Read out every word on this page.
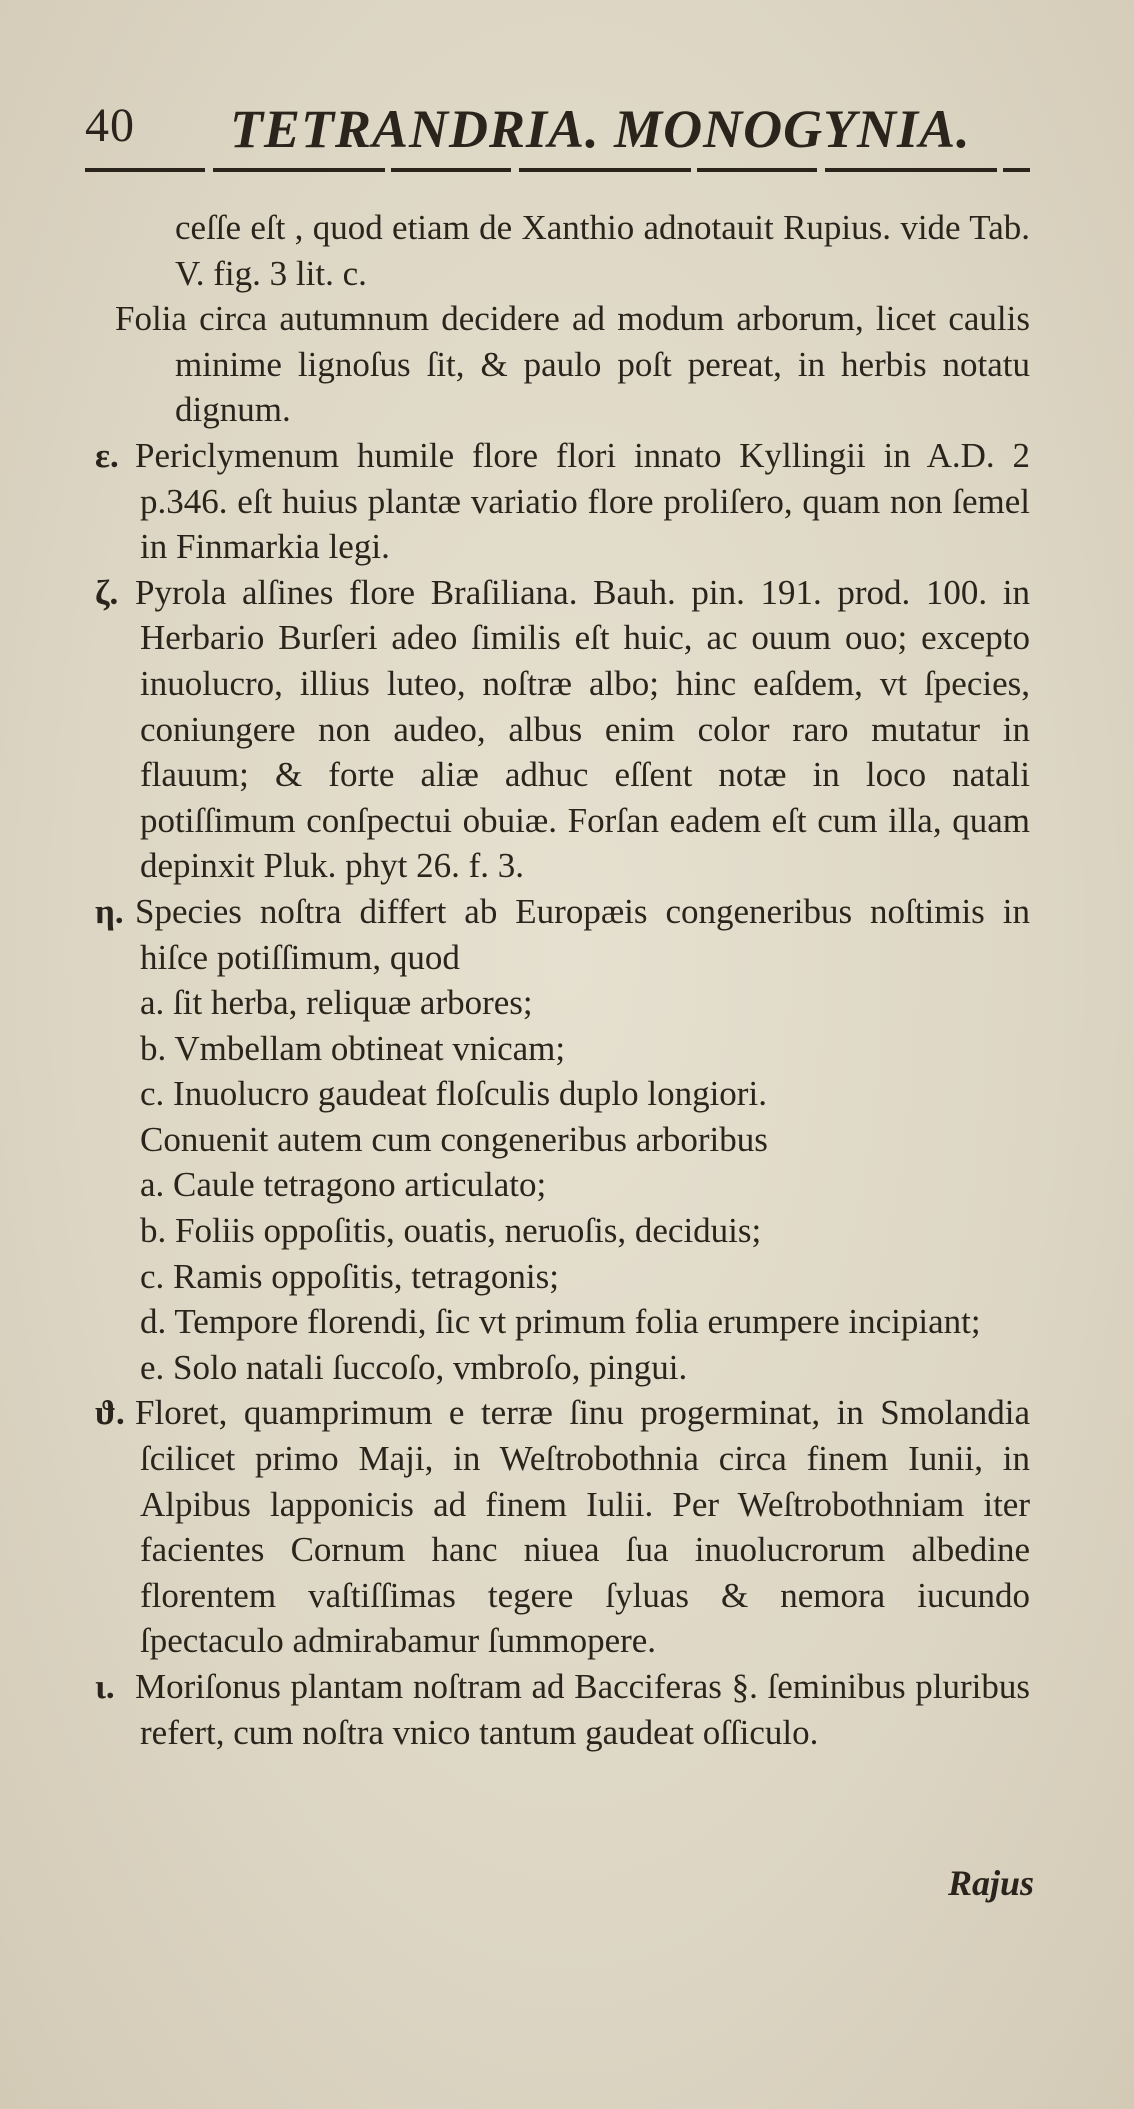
40 TETRANDRIA. MONOGYNIA.

ceſſe eſt , quod etiam de Xanthio adnotauit Rupius. vide Tab. V. fig. 3 lit. c.

Folia circa autumnum decidere ad modum arborum, licet caulis minime lignoſus ſit, & paulo poſt pereat, in herbis notatu dignum.

ε. Periclymenum humile flore flori innato Kyllingii in A.D. 2 p.346. eſt huius plantæ variatio flore proliſero, quam non ſemel in Finmarkia legi.

ζ. Pyrola alſines flore Braſiliana. Bauh. pin. 191. prod. 100. in Herbario Burſeri adeo ſimilis eſt huic, ac ouum ouo; excepto inuolucro, illius luteo, noſtræ albo; hinc eaſdem, vt ſpecies, coniungere non audeo, albus enim color raro mutatur in flauum; & forte aliæ adhuc eſſent notæ in loco natali potiſſimum conſpectui obuiæ. Forſan eadem eſt cum illa, quam depinxit Pluk. phyt 26. f. 3.

η. Species noſtra differt ab Europæis congeneribus noſtimis in hiſce potiſſimum, quod

a. ſit herba, reliquæ arbores;

b. Vmbellam obtineat vnicam;

c. Inuolucro gaudeat floſculis duplo longiori.

Conuenit autem cum congeneribus arboribus

a. Caule tetragono articulato;

b. Foliis oppoſitis, ouatis, neruoſis, deciduis;

c. Ramis oppoſitis, tetragonis;

d. Tempore florendi, ſic vt primum folia erumpere incipiant;

e. Solo natali ſuccoſo, vmbroſo, pingui.

ϑ. Floret, quamprimum e terræ ſinu progerminat, in Smolandia ſcilicet primo Maji, in Weſtrobothnia circa finem Iunii, in Alpibus lapponicis ad finem Iulii. Per Weſtrobothniam iter facientes Cornum hanc niuea ſua inuolucrorum albedine florentem vaſtiſſimas tegere ſyluas & nemora iucundo ſpectaculo admirabamur ſummopere.

ι. Moriſonus plantam noſtram ad Bacciferas §. ſeminibus pluribus refert, cum noſtra vnico tantum gaudeat oſſiculo.

Rajus
